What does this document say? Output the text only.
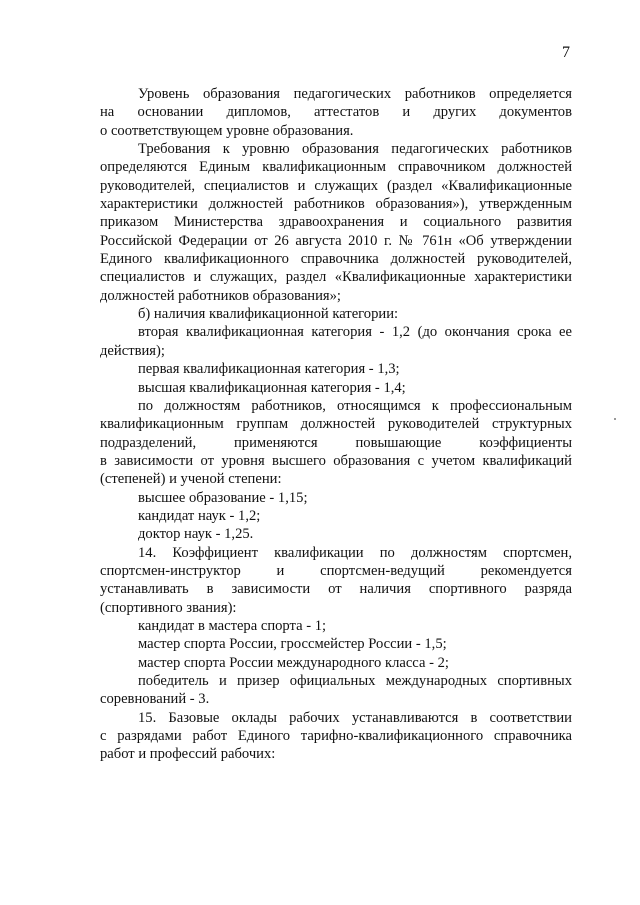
7
Уровень образования педагогических работников определяется
на основании дипломов, аттестатов и других документов
о соответствующем уровне образования.
Требования к уровню образования педагогических работников определяются Единым квалификационным справочником должностей руководителей, специалистов и служащих (раздел «Квалификационные характеристики должностей работников образования»), утвержденным приказом Министерства здравоохранения и социального развития Российской Федерации от 26 августа 2010 г. № 761н «Об утверждении Единого квалификационного справочника должностей руководителей, специалистов и служащих, раздел «Квалификационные характеристики должностей работников образования»;
б) наличия квалификационной категории:
вторая квалификационная категория - 1,2 (до окончания срока ее действия);
первая квалификационная категория - 1,3;
высшая квалификационная категория - 1,4;
по должностям работников, относящимся к профессиональным
квалификационным группам должностей руководителей структурных
подразделений, применяются повышающие коэффициенты
в зависимости от уровня высшего образования с учетом квалификаций
(степеней) и ученой степени:
высшее образование - 1,15;
кандидат наук - 1,2;
доктор наук - 1,25.
14. Коэффициент квалификации по должностям спортсмен,
спортсмен-инструктор и спортсмен-ведущий рекомендуется
устанавливать в зависимости от наличия спортивного разряда
(спортивного звания):
кандидат в мастера спорта - 1;
мастер спорта России, гроссмейстер России - 1,5;
мастер спорта России международного класса - 2;
победитель и призер официальных международных спортивных соревнований - 3.
15. Базовые оклады рабочих устанавливаются в соответствии
с разрядами работ Единого тарифно-квалификационного справочника
работ и профессий рабочих:
